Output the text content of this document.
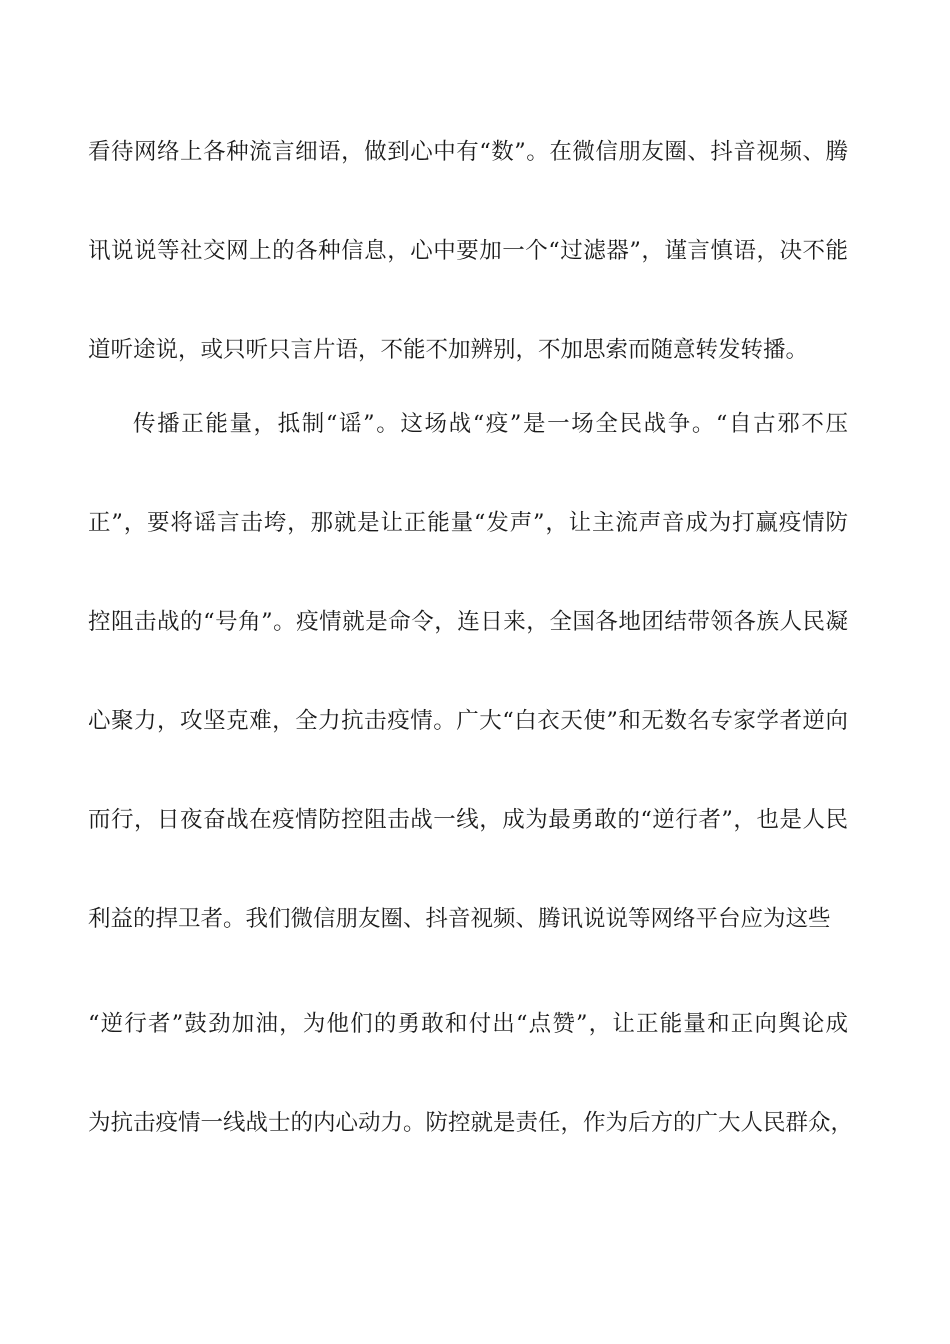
看待网络上各种流言细语，做到心中有“数”。在微信朋友圈、抖音视频、腾
讯说说等社交网上的各种信息，心中要加一个“过滤器”，谨言慎语，决不能
道听途说，或只听只言片语，不能不加辨别，不加思索而随意转发转播。
传播正能量，抵制“谣”。这场战“疫”是一场全民战争。“自古邪不压
正”，要将谣言击垮，那就是让正能量“发声”，让主流声音成为打赢疫情防
控阻击战的“号角”。疫情就是命令，连日来，全国各地团结带领各族人民凝
心聚力，攻坚克难，全力抗击疫情。广大“白衣天使”和无数名专家学者逆向
而行，日夜奋战在疫情防控阻击战一线，成为最勇敢的“逆行者”，也是人民
利益的捍卫者。我们微信朋友圈、抖音视频、腾讯说说等网络平台应为这些
“逆行者”鼓劲加油，为他们的勇敢和付出“点赞”，让正能量和正向舆论成
为抗击疫情一线战士的内心动力。防控就是责任，作为后方的广大人民群众，
